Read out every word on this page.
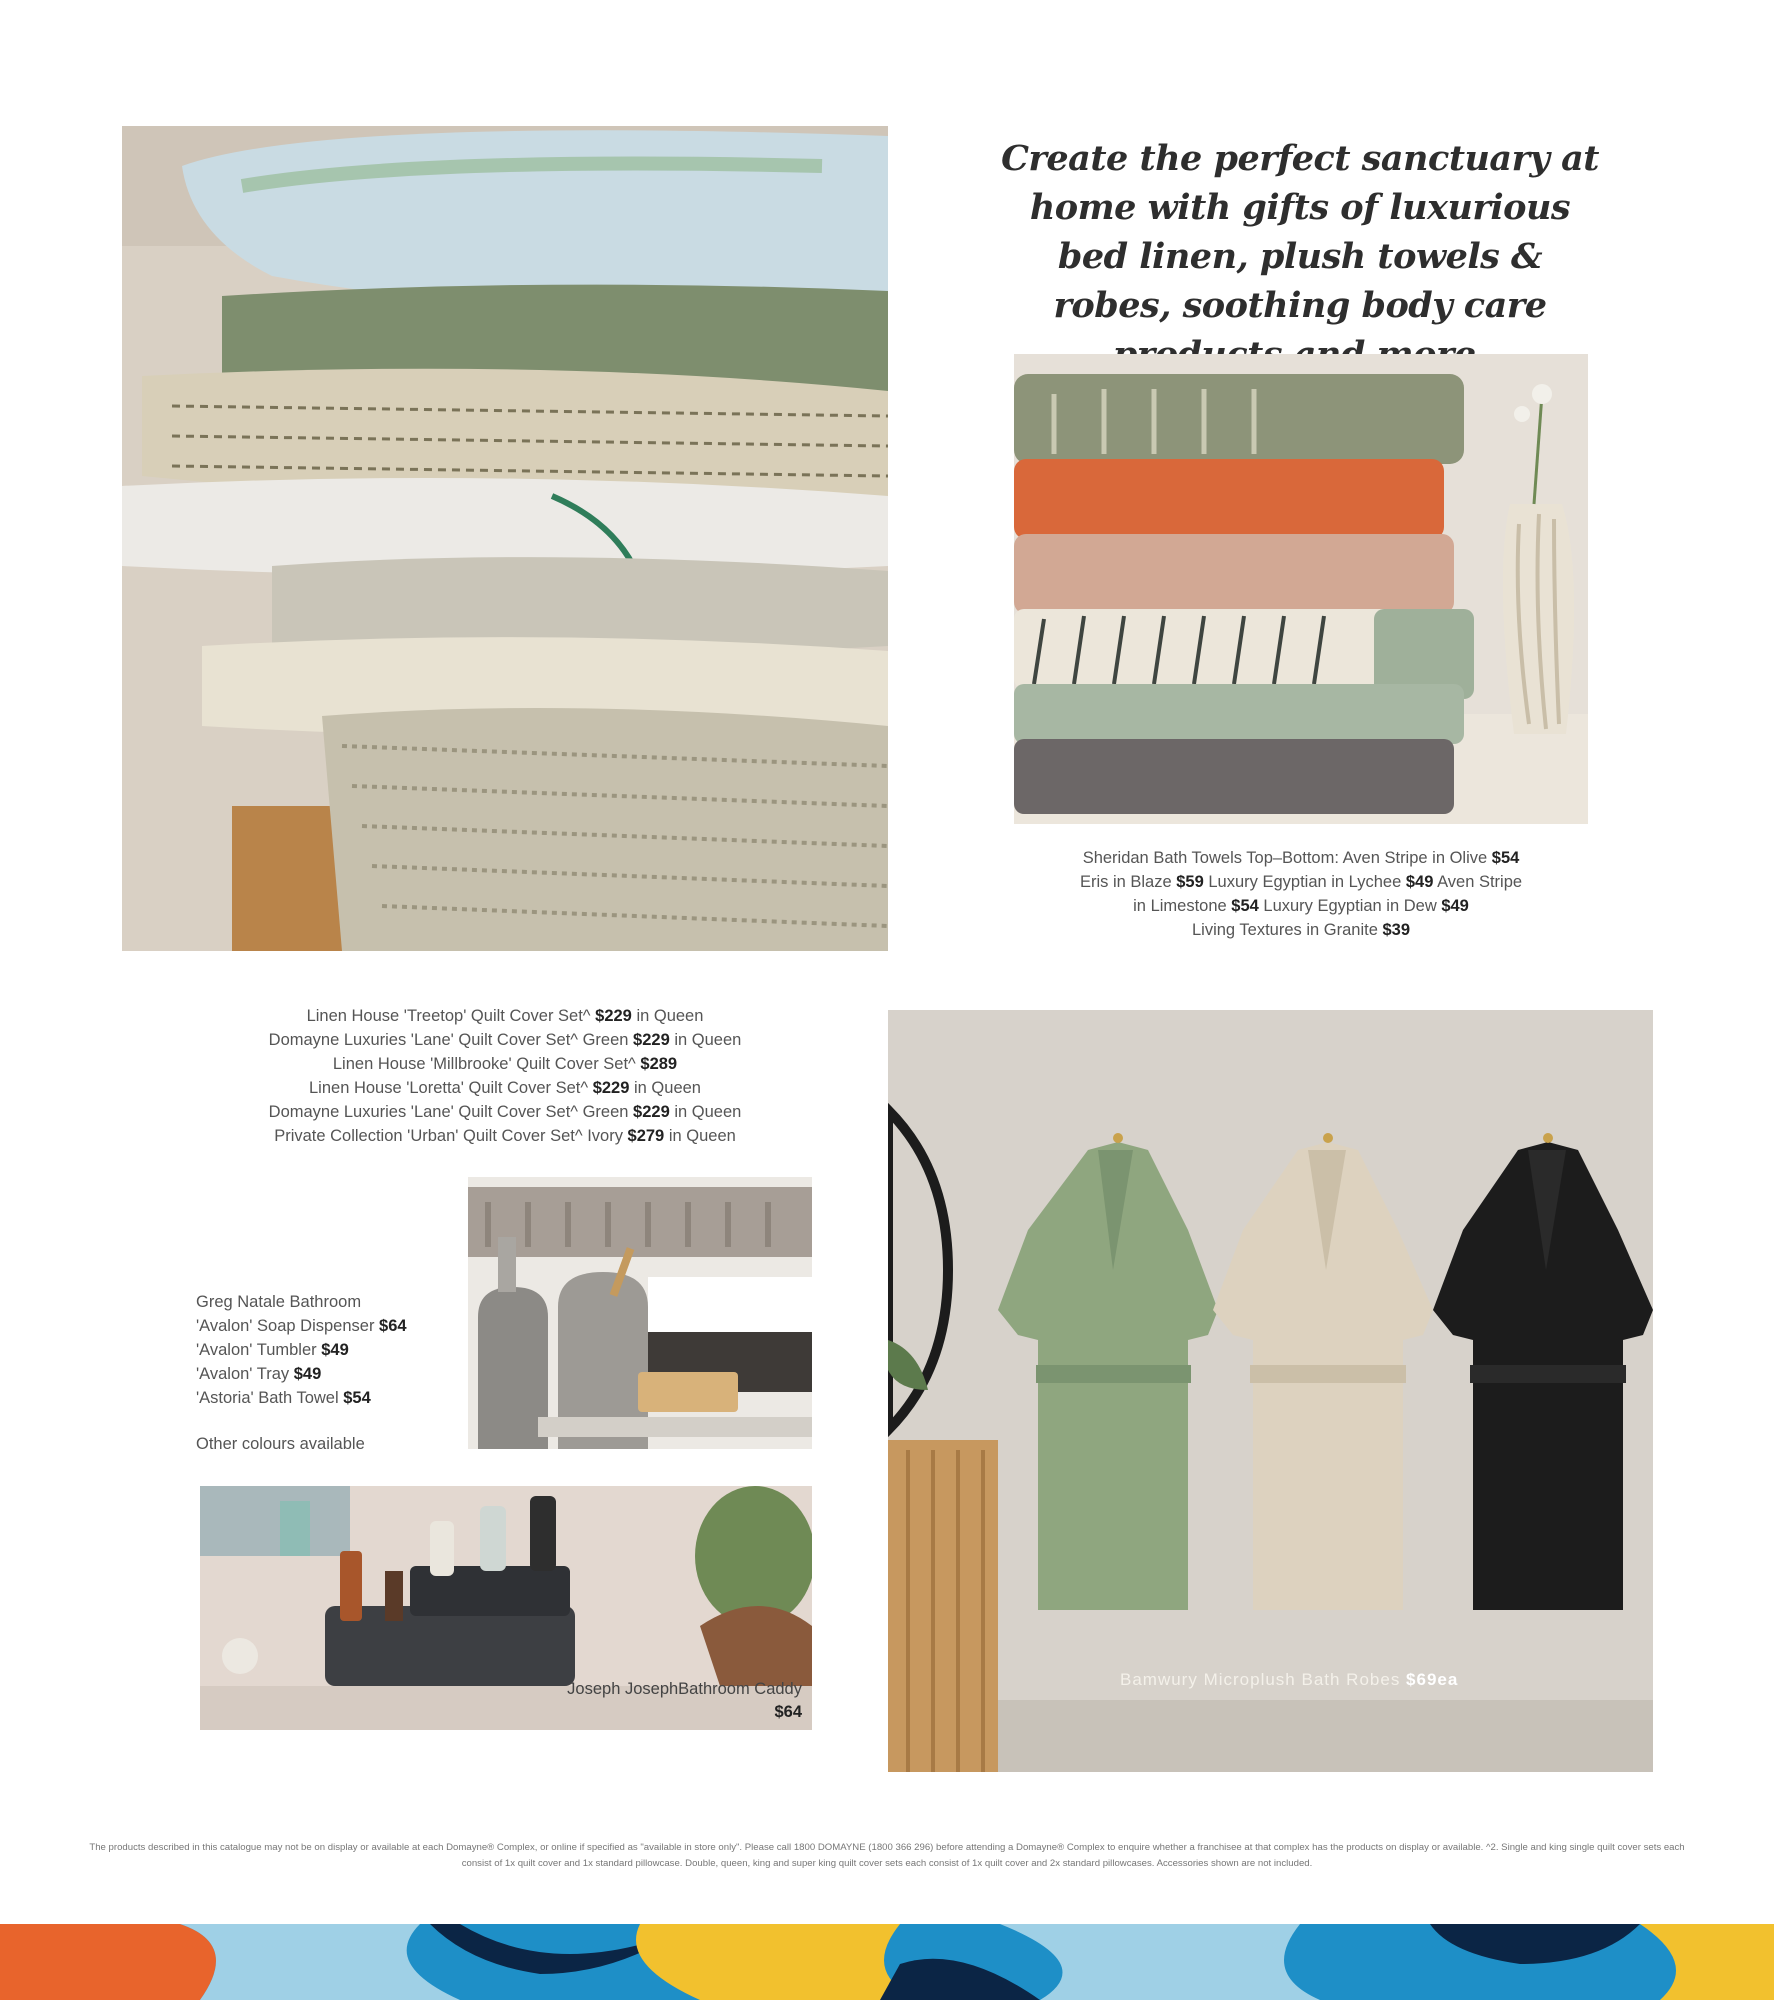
Create the perfect sanctuary at home with gifts of luxurious bed linen, plush towels & robes, soothing body care
Sheridan Bath Towels Top–Bottom: Aven Stripe in Olive $54
Eris in Blaze $59 Luxury Egyptian in Lychee $49 Aven Stripe
in Limestone $54 Luxury Egyptian in Dew $49
Living Textures in Granite $39
Linen House 'Treetop' Quilt Cover Set^ $229 in Queen
Domayne Luxuries 'Lane' Quilt Cover Set^ Green $229 in Queen
Linen House 'Millbrooke' Quilt Cover Set^ $289
Linen House 'Loretta' Quilt Cover Set^ $229 in Queen
Domayne Luxuries 'Lane' Quilt Cover Set^ Green $229 in Queen
Private Collection 'Urban' Quilt Cover Set^ Ivory $279 in Queen
Bamwury Microplush Bath Robes $69ea
Greg Natale Bathroom
'Avalon' Soap Dispenser $64
'Avalon' Tumbler $49
'Avalon' Tray $49
'Astoria' Bath Towel $54
Other colours available
Joseph JosephBathroom Caddy $64
The products described in this catalogue may not be on display or available at each Domayne® Complex, or online if specified as "available in store only". Please call 1800 DOMAYNE (1800 366 296) before attending a Domayne® Complex to enquire whether a franchisee at that complex has the products on display or available. ^2. Single and king single quilt cover sets each consist of 1x quilt cover and 1x standard pillowcase. Double, queen, king and super king quilt cover sets each consist of 1x quilt cover and 2x standard pillowcases. Accessories shown are not included.
